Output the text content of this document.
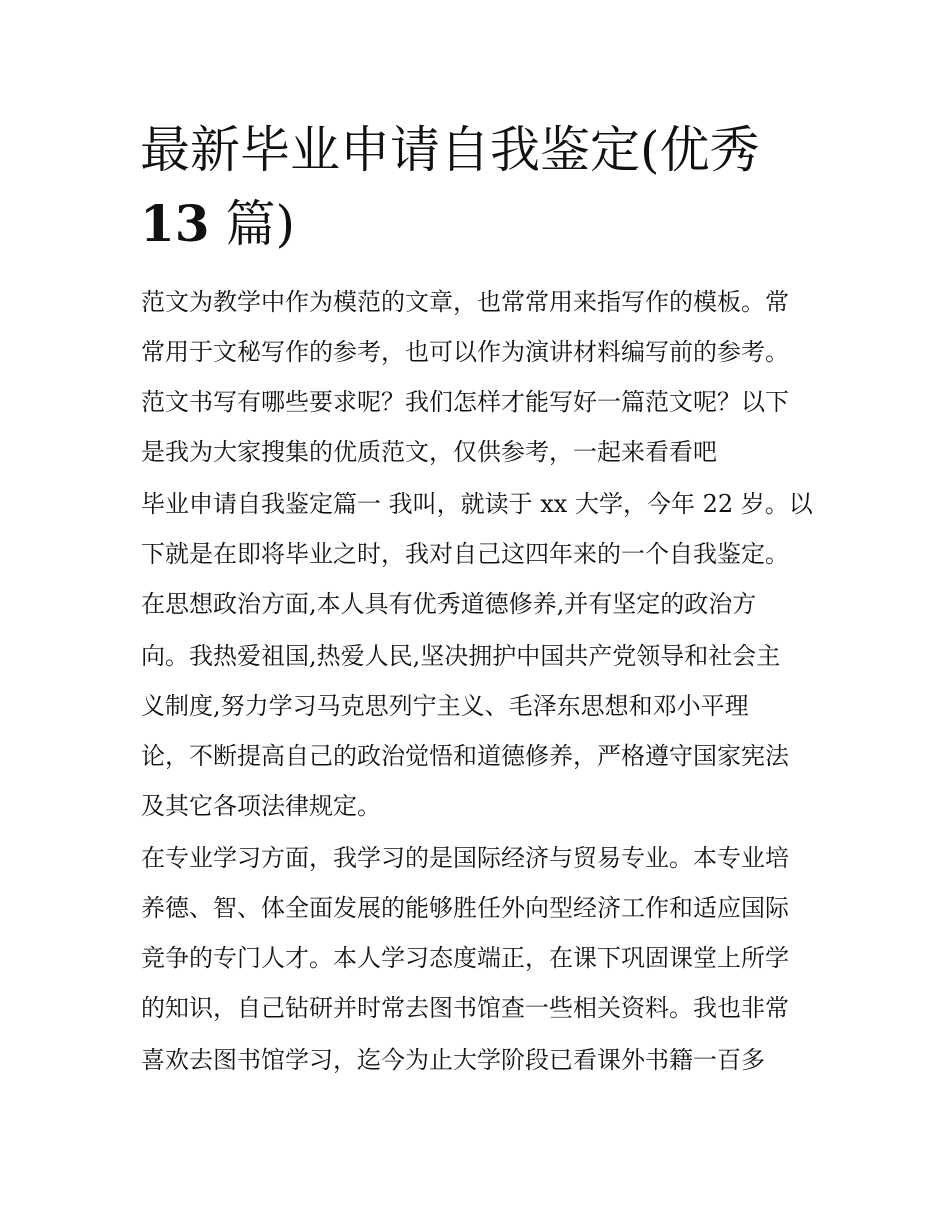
最新毕业申请自我鉴定(优秀
13 篇)

范文为教学中作为模范的文章，也常常用来指写作的模板。常

常用于文秘写作的参考，也可以作为演讲材料编写前的参考。

范文书写有哪些要求呢？我们怎样才能写好一篇范文呢？以下

是我为大家搜集的优质范文，仅供参考，一起来看看吧

毕业申请自我鉴定篇一 我叫，就读于 xx 大学，今年 22 岁。以

下就是在即将毕业之时，我对自己这四年来的一个自我鉴定。

在思想政治方面,本人具有优秀道德修养,并有坚定的政治方

向。我热爱祖国,热爱人民,坚决拥护中国共产党领导和社会主

义制度,努力学习马克思列宁主义、毛泽东思想和邓小平理

论，不断提高自己的政治觉悟和道德修养，严格遵守国家宪法

及其它各项法律规定。

在专业学习方面，我学习的是国际经济与贸易专业。本专业培

养德、智、体全面发展的能够胜任外向型经济工作和适应国际

竞争的专门人才。本人学习态度端正，在课下巩固课堂上所学

的知识，自己钻研并时常去图书馆查一些相关资料。我也非常

喜欢去图书馆学习，迄今为止大学阶段已看课外书籍一百多
